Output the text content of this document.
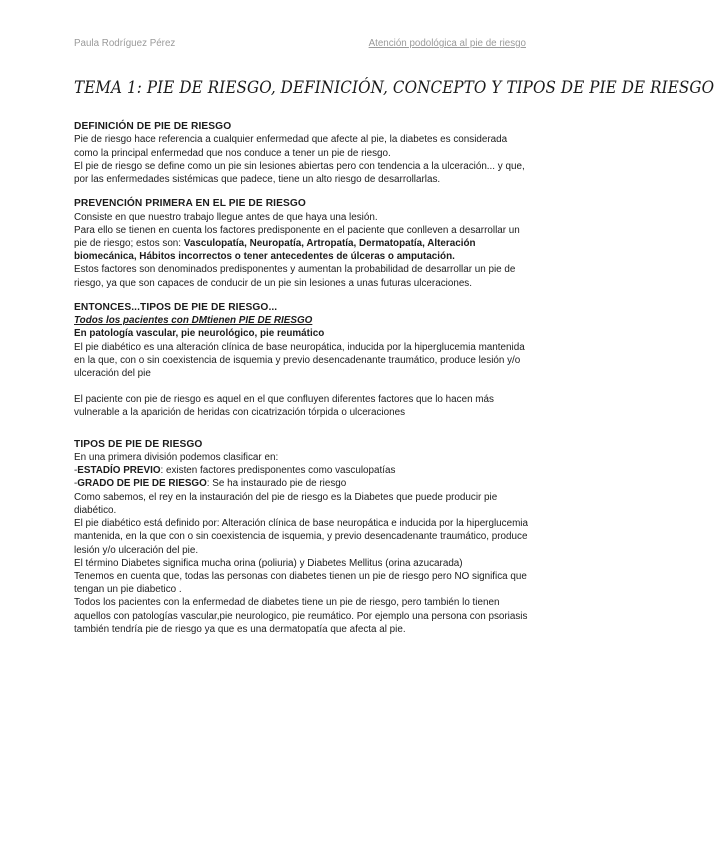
Paula Rodríguez Pérez	Atención podológica al pie de riesgo
TEMA 1: PIE DE RIESGO, DEFINICIÓN, CONCEPTO Y TIPOS DE PIE DE RIESGO
DEFINICIÓN DE PIE DE RIESGO

Pie de riesgo hace referencia a cualquier enfermedad que afecte al pie, la diabetes es considerada como la principal enfermedad que nos conduce a tener un pie de riesgo.

El pie de riesgo se define como un pie sin lesiones abiertas pero con tendencia a la ulceración... y que, por las enfermedades sistémicas que padece, tiene un alto riesgo de desarrollarlas.

PREVENCIÓN PRIMERA EN EL PIE DE RIESGO

Consiste en que nuestro trabajo llegue antes de que haya una lesión.

Para ello se tienen en cuenta los factores predisponente en el paciente que conlleven a desarrollar un pie de riesgo; estos son: Vasculopatía, Neuropatía, Artropatía, Dermatopatía, Alteración biomecánica, Hábitos incorrectos o tener antecedentes de úlceras o amputación.

Estos factores son denominados predisponentes y aumentan la probabilidad de desarrollar un pie de riesgo, ya que son capaces de conducir de un pie sin lesiones a unas futuras ulceraciones.

ENTONCES...TIPOS DE PIE DE RIESGO...

Todos los pacientes con DMtienen PIE DE RIESGO

En patología vascular, pie neurológico, pie reumático

El pie diabético es una alteración clínica de base neuropática, inducida por la hiperglucemia mantenida en la que, con o sin coexistencia de isquemia y previo desencadenante traumático, produce lesión y/o ulceración del pie

El paciente con pie de riesgo es aquel en el que confluyen diferentes factores que lo hacen más vulnerable a la aparición de heridas con cicatrización tórpida o ulceraciones

TIPOS DE PIE DE RIESGO

En una primera división podemos clasificar en:

-ESTADÍO PREVIO: existen factores predisponentes como vasculopatías

-GRADO DE PIE DE RIESGO: Se ha instaurado pie de riesgo

Como sabemos, el rey en la instauración del pie de riesgo es la Diabetes que puede producir pie diabético.

El pie diabético está definido por: Alteración clínica de base neuropática e inducida por la hiperglucemia mantenida, en la que con o sin coexistencia de isquemia, y previo desencadenante traumático, produce lesión y/o ulceración del pie.

El término Diabetes significa mucha orina (poliuria) y Diabetes Mellitus (orina azucarada)

Tenemos en cuenta que, todas las personas con diabetes tienen un pie de riesgo pero NO significa que tengan un pie diabetico .

Todos los pacientes con la enfermedad de diabetes tiene un pie de riesgo, pero también lo tienen aquellos con patologías vascular,pie neurologico, pie reumático. Por ejemplo una persona con psoriasis también tendría pie de riesgo ya que es una dermatopatía que afecta al pie.
